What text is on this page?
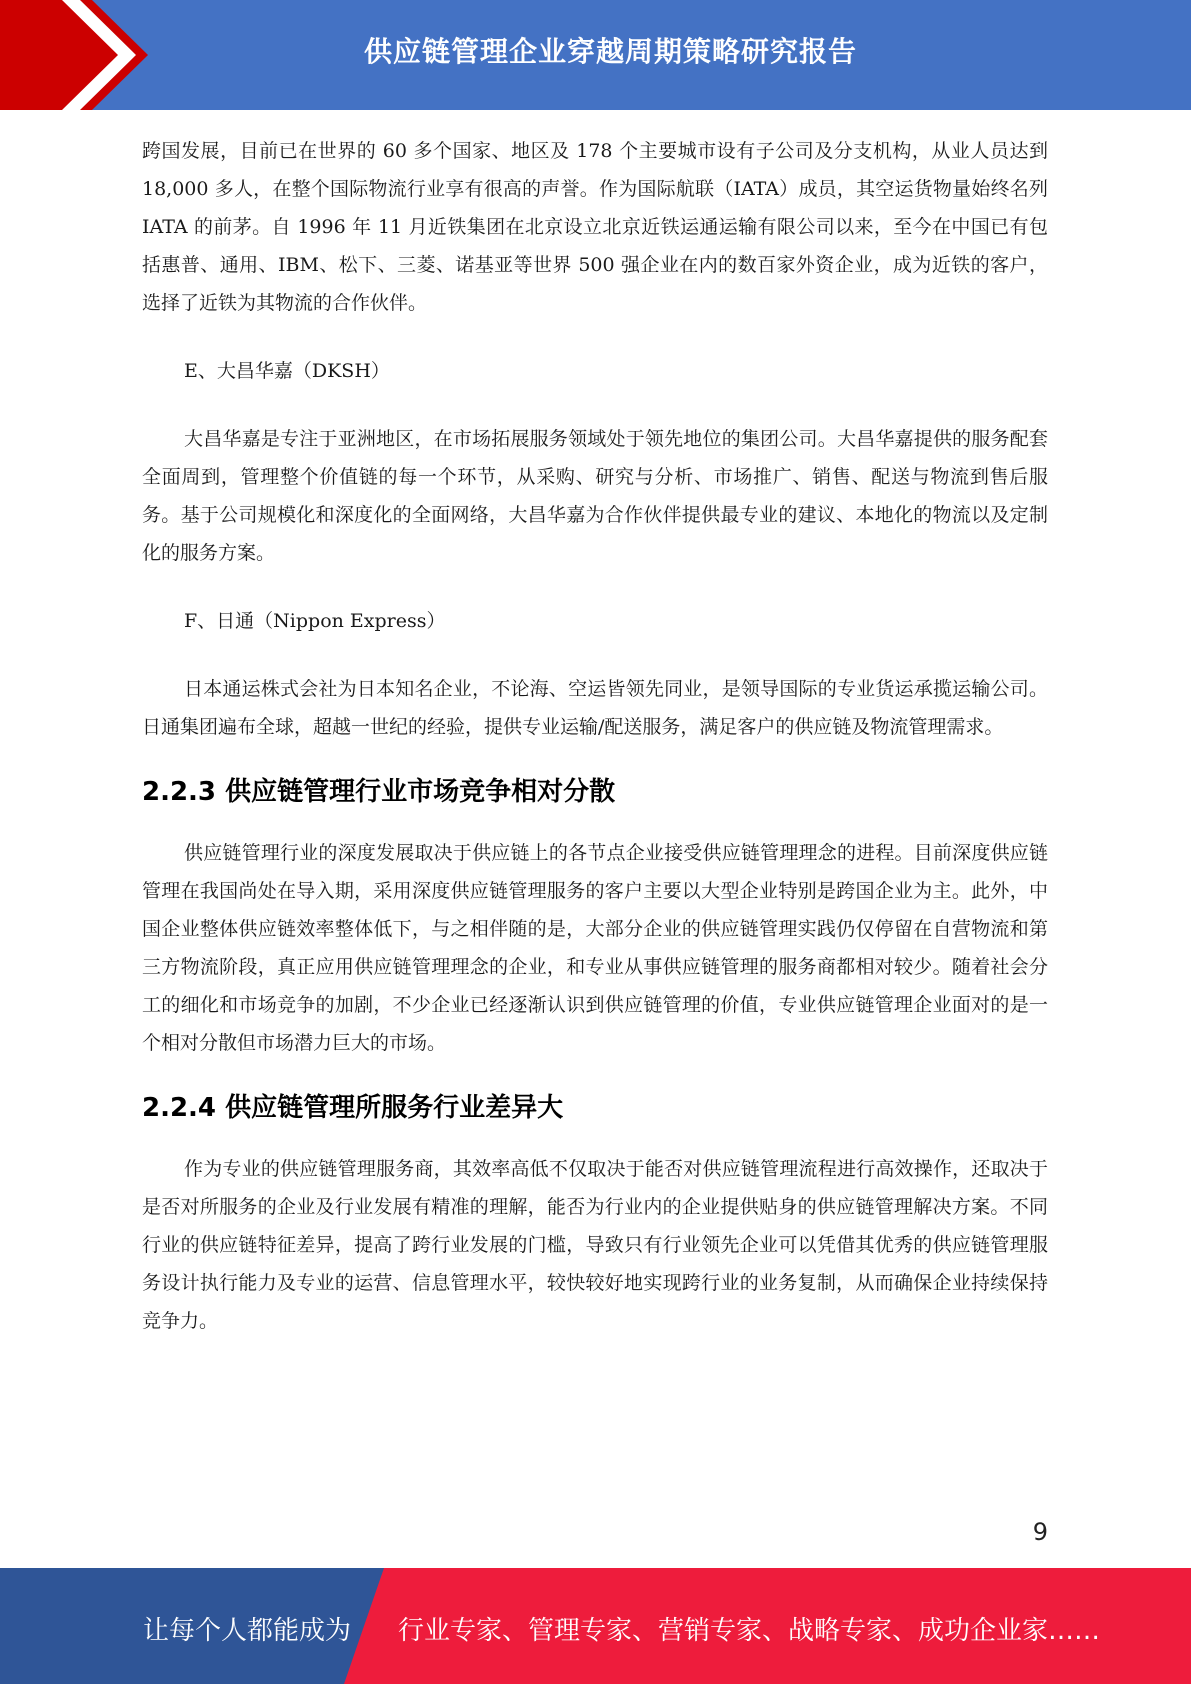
供应链管理企业穿越周期策略研究报告

跨国发展，目前已在世界的 60 多个国家、地区及 178 个主要城市设有子公司及分支机构，从业人员达到 18,000 多人，在整个国际物流行业享有很高的声誉。作为国际航联（IATA）成员，其空运货物量始终名列 IATA 的前茅。自 1996 年 11 月近铁集团在北京设立北京近铁运通运输有限公司以来，至今在中国已有包括惠普、通用、IBM、松下、三菱、诺基亚等世界 500 强企业在内的数百家外资企业，成为近铁的客户，选择了近铁为其物流的合作伙伴。

E、大昌华嘉（DKSH）

大昌华嘉是专注于亚洲地区，在市场拓展服务领域处于领先地位的集团公司。大昌华嘉提供的服务配套全面周到，管理整个价值链的每一个环节，从采购、研究与分析、市场推广、销售、配送与物流到售后服务。基于公司规模化和深度化的全面网络，大昌华嘉为合作伙伴提供最专业的建议、本地化的物流以及定制化的服务方案。

F、日通（Nippon Express）

日本通运株式会社为日本知名企业，不论海、空运皆领先同业，是领导国际的专业货运承揽运输公司。日通集团遍布全球，超越一世纪的经验，提供专业运输/配送服务，满足客户的供应链及物流管理需求。

2.2.3 供应链管理行业市场竞争相对分散

供应链管理行业的深度发展取决于供应链上的各节点企业接受供应链管理理念的进程。目前深度供应链管理在我国尚处在导入期，采用深度供应链管理服务的客户主要以大型企业特别是跨国企业为主。此外，中国企业整体供应链效率整体低下，与之相伴随的是，大部分企业的供应链管理实践仍仅停留在自营物流和第三方物流阶段，真正应用供应链管理理念的企业，和专业从事供应链管理的服务商都相对较少。随着社会分工的细化和市场竞争的加剧，不少企业已经逐渐认识到供应链管理的价值，专业供应链管理企业面对的是一个相对分散但市场潜力巨大的市场。

2.2.4 供应链管理所服务行业差异大

作为专业的供应链管理服务商，其效率高低不仅取决于能否对供应链管理流程进行高效操作，还取决于是否对所服务的企业及行业发展有精准的理解，能否为行业内的企业提供贴身的供应链管理解决方案。不同行业的供应链特征差异，提高了跨行业发展的门槛，导致只有行业领先企业可以凭借其优秀的供应链管理服务设计执行能力及专业的运营、信息管理水平，较快较好地实现跨行业的业务复制，从而确保企业持续保持竞争力。

9
让每个人都能成为 行业专家、管理专家、营销专家、战略专家、成功企业家……
